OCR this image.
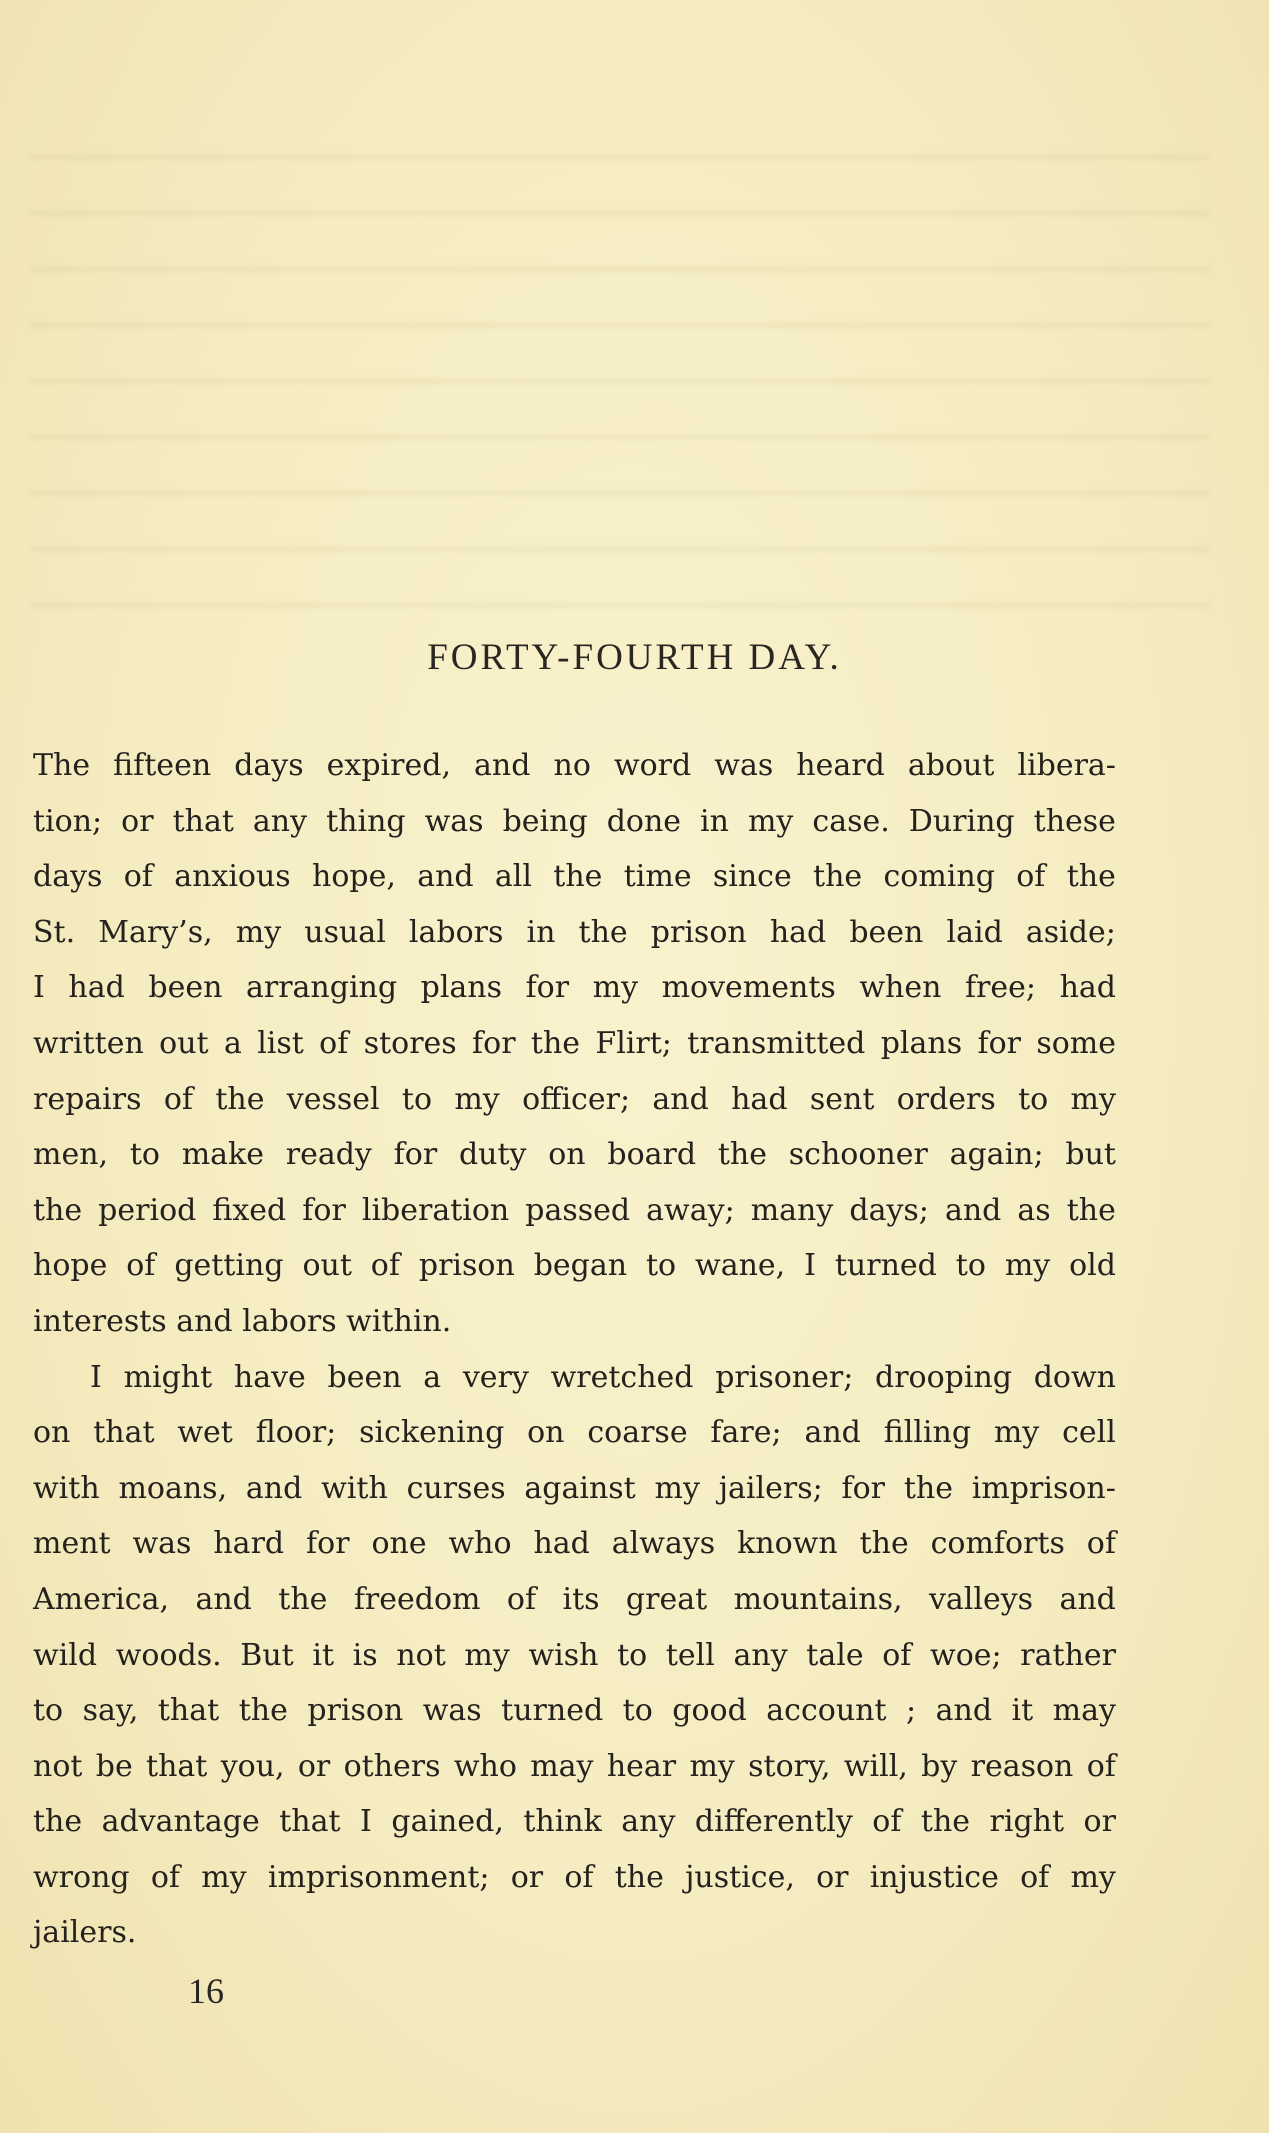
FORTY-FOURTH DAY.
The fifteen days expired, and no word was heard about libera-
tion; or that any thing was being done in my case. During these
days of anxious hope, and all the time since the coming of the
St. Mary’s, my usual labors in the prison had been laid aside;
I had been arranging plans for my movements when free; had
written out a list of stores for the Flirt; transmitted plans for some
repairs of the vessel to my officer; and had sent orders to my
men, to make ready for duty on board the schooner again; but
the period fixed for liberation passed away; many days; and as the
hope of getting out of prison began to wane, I turned to my old
interests and labors within.
I might have been a very wretched prisoner; drooping down
on that wet floor; sickening on coarse fare; and filling my cell
with moans, and with curses against my jailers; for the imprison-
ment was hard for one who had always known the comforts of
America, and the freedom of its great mountains, valleys and
wild woods. But it is not my wish to tell any tale of woe; rather
to say, that the prison was turned to good account ; and it may
not be that you, or others who may hear my story, will, by reason of
the advantage that I gained, think any differently of the right or
wrong of my imprisonment; or of the justice, or injustice of my
jailers.
16
